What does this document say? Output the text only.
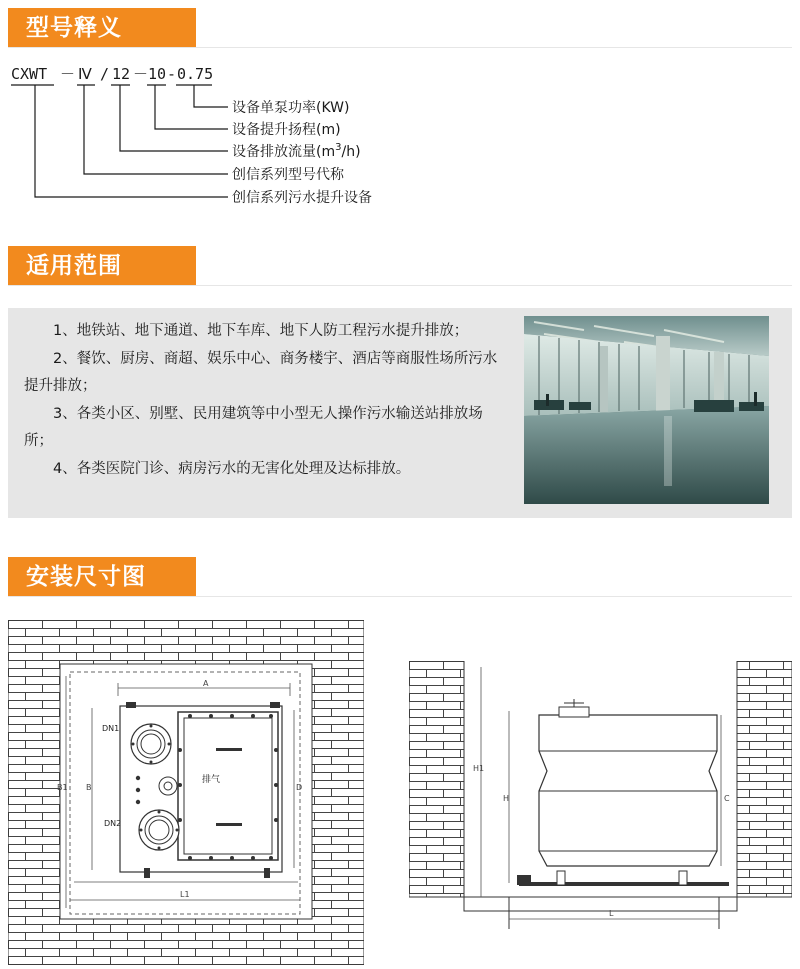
型号释义
CXWT － Ⅳ / 12 － 10 - 0.75
设备单泵功率(KW)
设备提升扬程(m)
设备排放流量$(m^3/h)$
创信系列型号代称
创信系列污水提升设备
适用范围

1、地铁站、地下通道、地下车库、地下人防工程污水提升排放；

2、餐饮、厨房、商超、娱乐中心、商务楼宇、酒店等商服性场所污水提升排放；

3、各类小区、别墅、民用建筑等中小型无人操作污水输送站排放场所；

4、各类医院门诊、病房污水的无害化处理及达标排放。

安装尺寸图
A
排气
DN1
DN2
B
B1	D
L1
H1
H	C
L
